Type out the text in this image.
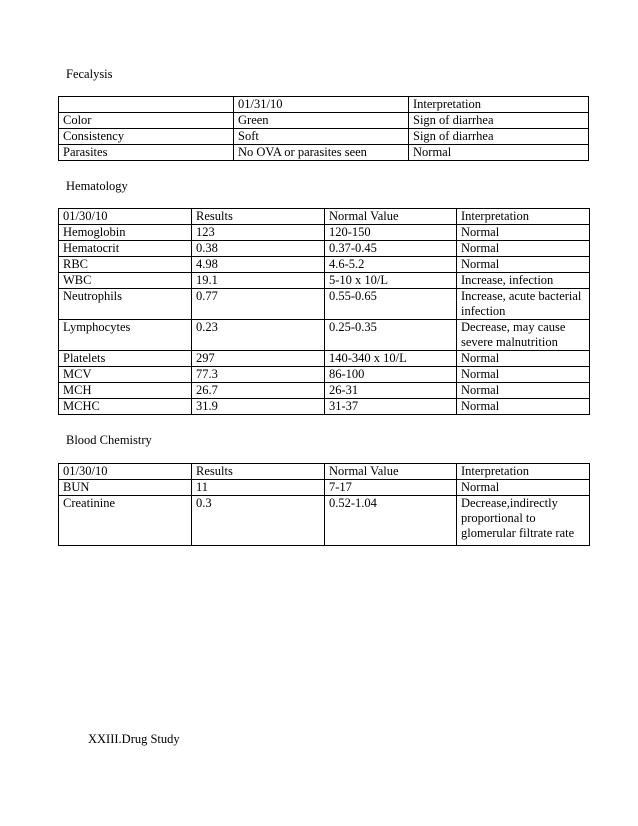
Fecalysis
	01/31/10	Interpretation
Color	Green	Sign of diarrhea
Consistency	Soft	Sign of diarrhea
Parasites	No OVA or parasites seen	Normal
Hematology
01/30/10	Results	Normal Value	Interpretation
Hemoglobin	123	120-150	Normal
Hematocrit	0.38	0.37-0.45	Normal
RBC	4.98	4.6-5.2	Normal
WBC	19.1	5-10 x 10/L	Increase, infection
Neutrophils	0.77	0.55-0.65	Increase, acute bacterial infection
Lymphocytes	0.23	0.25-0.35	Decrease, may cause severe malnutrition
Platelets	297	140-340 x 10/L	Normal
MCV	77.3	86-100	Normal
MCH	26.7	26-31	Normal
MCHC	31.9	31-37	Normal
Blood Chemistry
01/30/10	Results	Normal Value	Interpretation
BUN	11	7-17	Normal
Creatinine	0.3	0.52-1.04	Decrease,indirectly proportional to glomerular filtrate rate

XXIII.Drug Study
